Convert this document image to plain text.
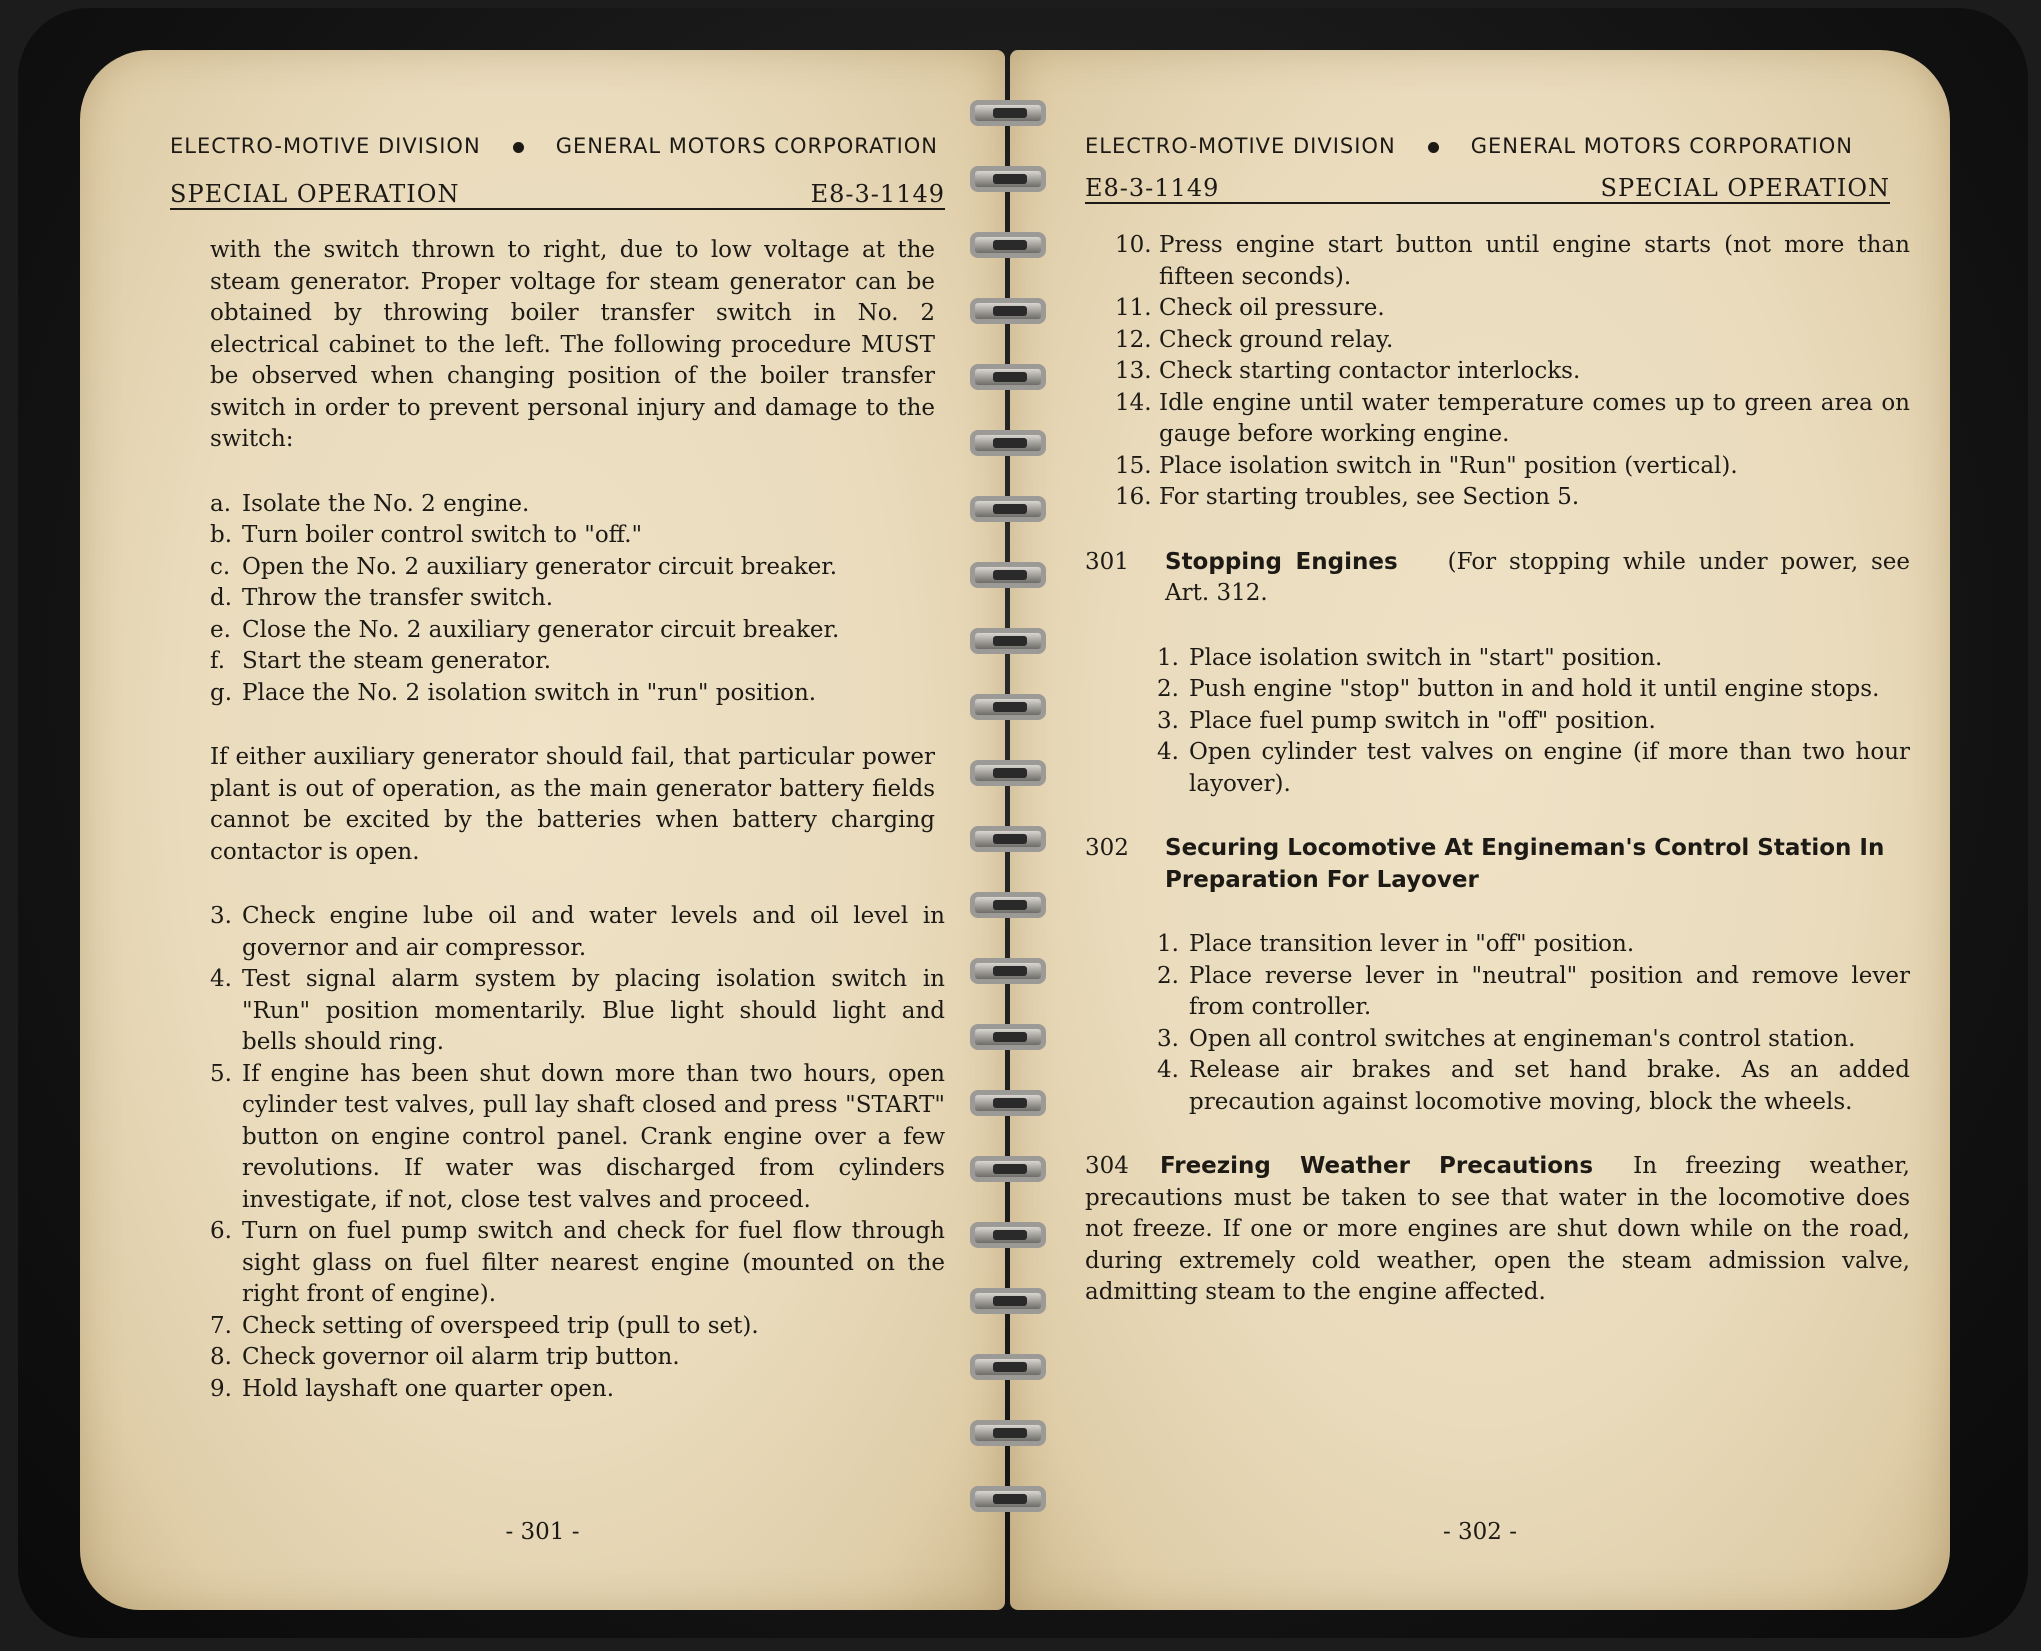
ELECTRO-MOTIVE DIVISION	GENERAL MOTORS CORPORATION
SPECIAL OPERATION	E8-3-1149

with the switch thrown to right, due to low voltage at the steam generator. Proper voltage for steam generator can be obtained by throwing boiler transfer switch in No. 2 electrical cabinet to the left. The following procedure MUST be observed when changing position of the boiler transfer switch in order to prevent personal injury and damage to the switch:

a. Isolate the No. 2 engine.
b. Turn boiler control switch to "off."
c. Open the No. 2 auxiliary generator circuit breaker.
d. Throw the transfer switch.
e. Close the No. 2 auxiliary generator circuit breaker.
f. Start the steam generator.
g. Place the No. 2 isolation switch in "run" position.

If either auxiliary generator should fail, that particular power plant is out of operation, as the main generator battery fields cannot be excited by the batteries when battery charging contactor is open.

3. Check engine lube oil and water levels and oil level in governor and air compressor.
4. Test signal alarm system by placing isolation switch in "Run" position momentarily. Blue light should light and bells should ring.
5. If engine has been shut down more than two hours, open cylinder test valves, pull lay shaft closed and press "START" button on engine control panel. Crank engine over a few revolutions. If water was discharged from cylinders investigate, if not, close test valves and proceed.
6. Turn on fuel pump switch and check for fuel flow through sight glass on fuel filter nearest engine (mounted on the right front of engine).
7. Check setting of overspeed trip (pull to set).
8. Check governor oil alarm trip button.
9. Hold layshaft one quarter open.
- 301 -
ELECTRO-MOTIVE DIVISION	GENERAL MOTORS CORPORATION
E8-3-1149	SPECIAL OPERATION
10. Press engine start button until engine starts (not more than fifteen seconds).
11. Check oil pressure.
12. Check ground relay.
13. Check starting contactor interlocks.
14. Idle engine until water temperature comes up to green area on gauge before working engine.
15. Place isolation switch in "Run" position (vertical).
16. For starting troubles, see Section 5.
301	Stopping Engines (For stopping while under power, see Art. 312.
1. Place isolation switch in "start" position.
2. Push engine "stop" button in and hold it until engine stops.
3. Place fuel pump switch in "off" position.
4. Open cylinder test valves on engine (if more than two hour layover).
302	Securing Locomotive At Engineman's Control Station In Preparation For Layover
1. Place transition lever in "off" position.
2. Place reverse lever in "neutral" position and remove lever from controller.
3. Open all control switches at engineman's control station.
4. Release air brakes and set hand brake. As an added precaution against locomotive moving, block the wheels.
304 Freezing Weather Precautions In freezing weather, precautions must be taken to see that water in the locomotive does not freeze. If one or more engines are shut down while on the road, during extremely cold weather, open the steam admission valve, admitting steam to the engine affected.
- 302 -
